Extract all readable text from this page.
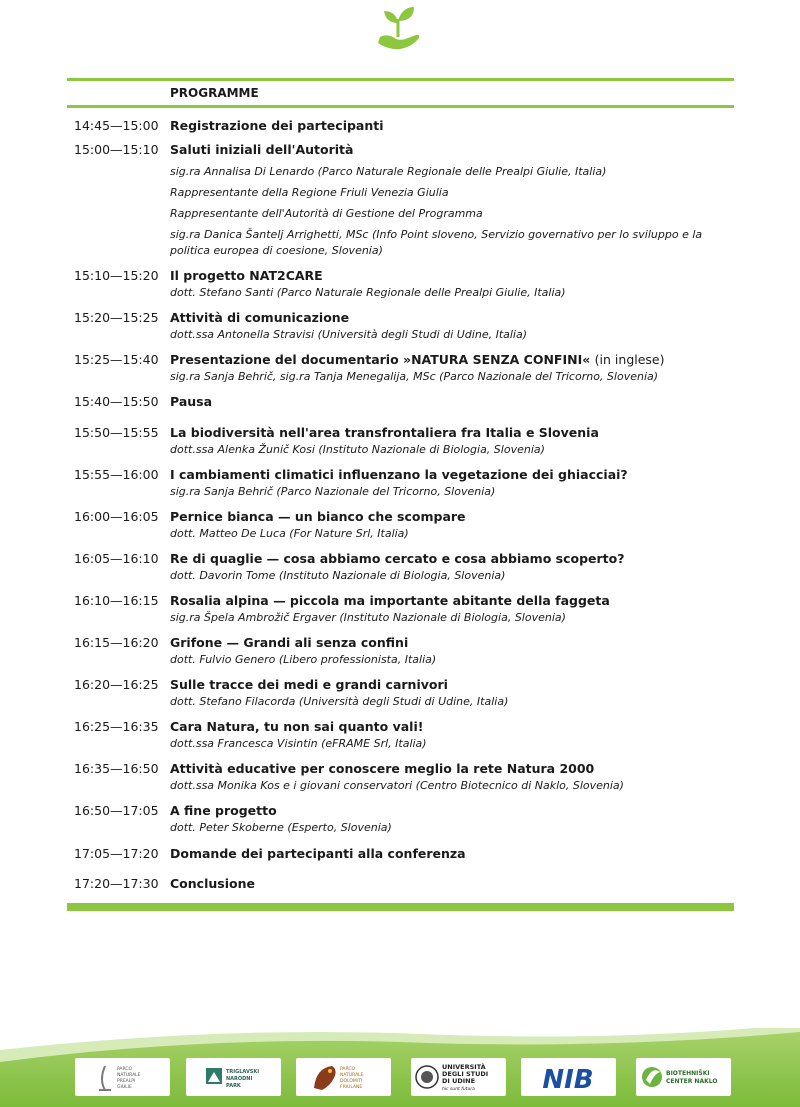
PROGRAMME
14:45—15:00 Registrazione dei partecipanti
15:00—15:10 Saluti iniziali dell'Autorità
sig.ra Annalisa Di Lenardo (Parco Naturale Regionale delle Prealpi Giulie, Italia)
Rappresentante della Regione Friuli Venezia Giulia
Rappresentante dell'Autorità di Gestione del Programma
sig.ra Danica Šantelj Arrighetti, MSc (Info Point sloveno, Servizio governativo per lo sviluppo e la politica europea di coesione, Slovenia)
15:10—15:20 Il progetto NAT2CARE
dott. Stefano Santi (Parco Naturale Regionale delle Prealpi Giulie, Italia)
15:20—15:25 Attività di comunicazione
dott.ssa Antonella Stravisi (Università degli Studi di Udine, Italia)
15:25—15:40 Presentazione del documentario »NATURA SENZA CONFINI« (in inglese)
sig.ra Sanja Behrič, sig.ra Tanja Menegalija, MSc (Parco Nazionale del Tricorno, Slovenia)
15:40—15:50 Pausa
15:50—15:55 La biodiversità nell'area transfrontaliera fra Italia e Slovenia
dott.ssa Alenka Žunič Kosi (Instituto Nazionale di Biologia, Slovenia)
15:55—16:00 I cambiamenti climatici influenzano la vegetazione dei ghiacciai?
sig.ra Sanja Behrič (Parco Nazionale del Tricorno, Slovenia)
16:00—16:05 Pernice bianca — un bianco che scompare
dott. Matteo De Luca (For Nature Srl, Italia)
16:05—16:10 Re di quaglie — cosa abbiamo cercato e cosa abbiamo scoperto?
dott. Davorin Tome (Instituto Nazionale di Biologia, Slovenia)
16:10—16:15 Rosalia alpina — piccola ma importante abitante della faggeta
sig.ra Špela Ambrožič Ergaver (Instituto Nazionale di Biologia, Slovenia)
16:15—16:20 Grifone — Grandi ali senza confini
dott. Fulvio Genero (Libero professionista, Italia)
16:20—16:25 Sulle tracce dei medi e grandi carnivori
dott. Stefano Filacorda (Università degli Studi di Udine, Italia)
16:25—16:35 Cara Natura, tu non sai quanto vali!
dott.ssa Francesca Visintin (eFRAME Srl, Italia)
16:35—16:50 Attività educative per conoscere meglio la rete Natura 2000
dott.ssa Monika Kos e i giovani conservatori (Centro Biotecnico di Naklo, Slovenia)
16:50—17:05 A fine progetto
dott. Peter Skoberne (Esperto, Slovenia)
17:05—17:20 Domande dei partecipanti alla conferenza
17:20—17:30 Conclusione
PARCO
NATURALE
PREALPI
GIULIE
TRIGLAVSKI
NARODNI
PARK
PARCO
NATURALE
DOLOMITI
FRIULANE
UNIVERSITÀ
DEGLI STUDI
DI UDINE
hic sunt futura	NIB	BIOTEHNIŠKI
CENTER NAKLO
